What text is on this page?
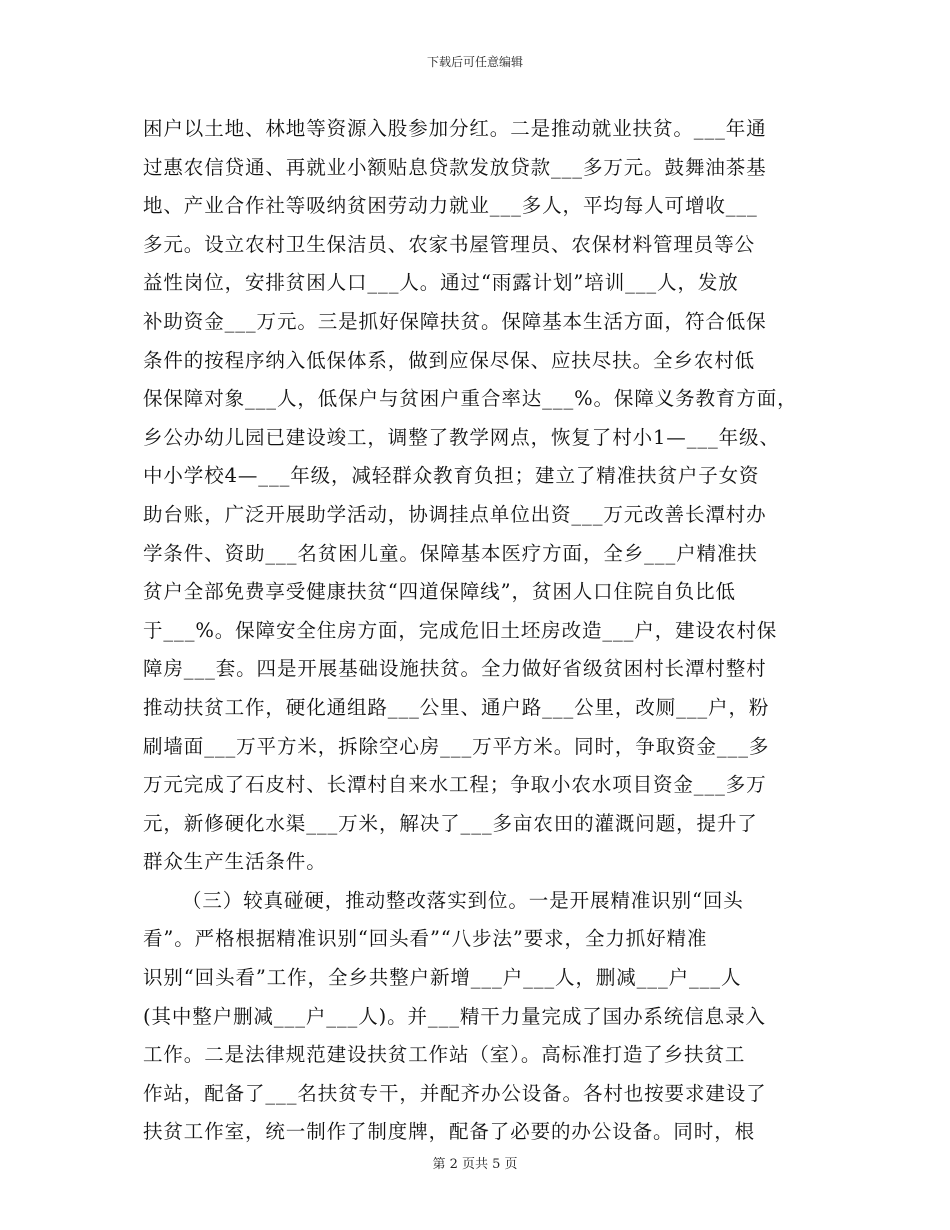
下载后可任意编辑
困户以土地、林地等资源入股参加分红。二是推动就业扶贫。___年通
过惠农信贷通、再就业小额贴息贷款发放贷款___多万元。鼓舞油茶基
地、产业合作社等吸纳贫困劳动力就业___多人，平均每人可增收___
多元。设立农村卫生保洁员、农家书屋管理员、农保材料管理员等公
益性岗位，安排贫困人口___人。通过“雨露计划”培训___人，发放
补助资金___万元。三是抓好保障扶贫。保障基本生活方面，符合低保
条件的按程序纳入低保体系，做到应保尽保、应扶尽扶。全乡农村低
保保障对象___人，低保户与贫困户重合率达___%。保障义务教育方面，
乡公办幼儿园已建设竣工，调整了教学网点，恢复了村小1—___年级、
中小学校4—___年级，减轻群众教育负担；建立了精准扶贫户子女资
助台账，广泛开展助学活动，协调挂点单位出资___万元改善长潭村办
学条件、资助___名贫困儿童。保障基本医疗方面，全乡___户精准扶
贫户全部免费享受健康扶贫“四道保障线”，贫困人口住院自负比低
于___%。保障安全住房方面，完成危旧土坯房改造___户，建设农村保
障房___套。四是开展基础设施扶贫。全力做好省级贫困村长潭村整村
推动扶贫工作，硬化通组路___公里、通户路___公里，改厕___户，粉
刷墙面___万平方米，拆除空心房___万平方米。同时，争取资金___多
万元完成了石皮村、长潭村自来水工程；争取小农水项目资金___多万
元，新修硬化水渠___万米，解决了___多亩农田的灌溉问题，提升了
群众生产生活条件。
（三）较真碰硬，推动整改落实到位。一是开展精准识别“回头
看”。严格根据精准识别“回头看”“八步法”要求，全力抓好精准
识别“回头看”工作，全乡共整户新增___户___人，删减___户___人
(其中整户删减___户___人)。并___精干力量完成了国办系统信息录入
工作。二是法律规范建设扶贫工作站（室）。高标准打造了乡扶贫工
作站，配备了___名扶贫专干，并配齐办公设备。各村也按要求建设了
扶贫工作室，统一制作了制度牌，配备了必要的办公设备。同时，根
第 2 页共 5 页
